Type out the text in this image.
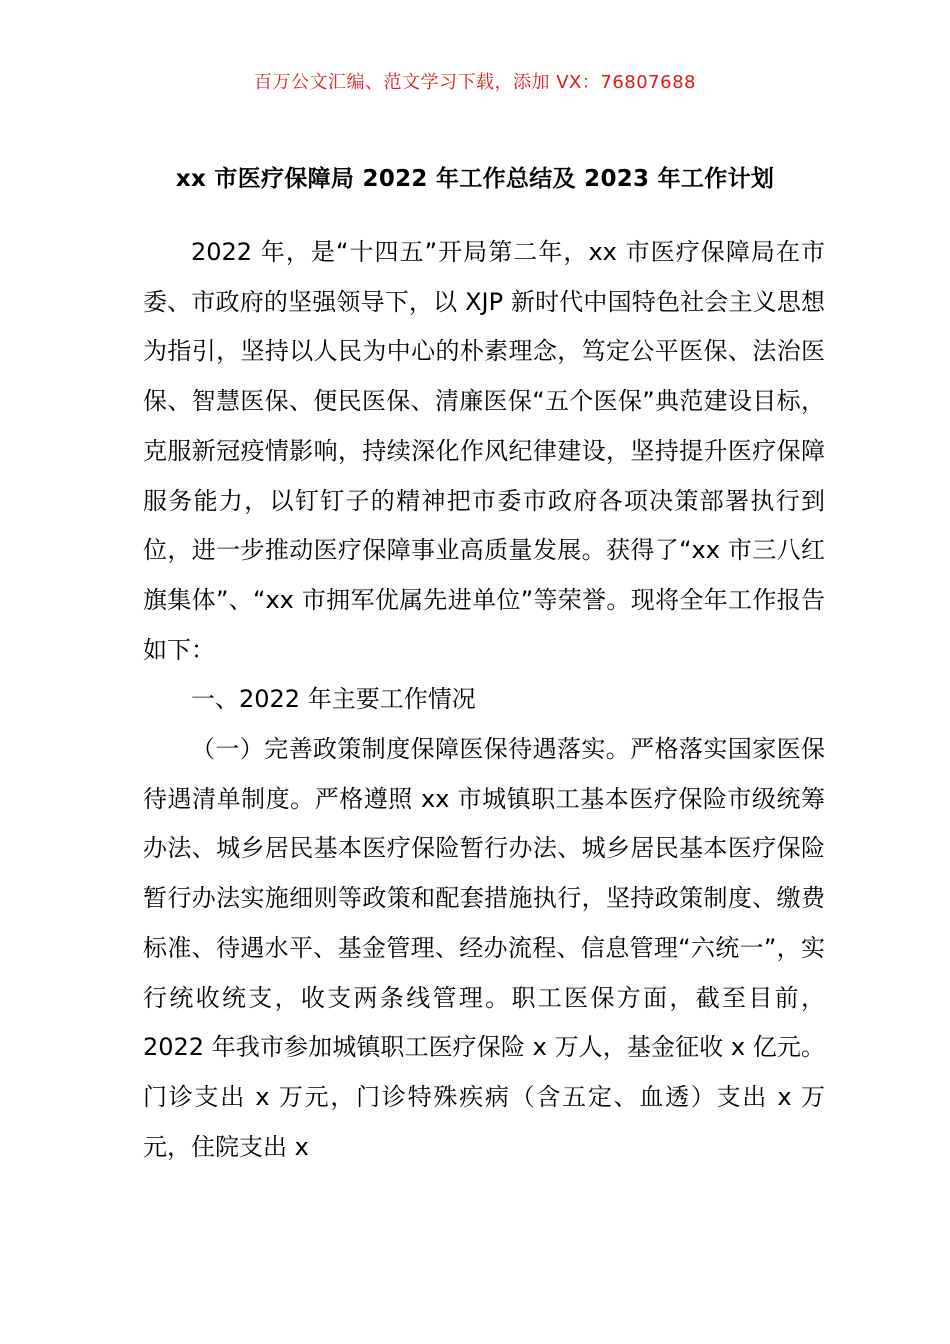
百万公文汇编、范文学习下载，添加 VX：76807688
xx 市医疗保障局 2022 年工作总结及 2023 年工作计划

2022 年，是“十四五”开局第二年，xx 市医疗保障局在市委、市政府的坚强领导下，以 XJP 新时代中国特色社会主义思想为指引，坚持以人民为中心的朴素理念，笃定公平医保、法治医保、智慧医保、便民医保、清廉医保“五个医保”典范建设目标，克服新冠疫情影响，持续深化作风纪律建设，坚持提升医疗保障服务能力，以钉钉子的精神把市委市政府各项决策部署执行到位，进一步推动医疗保障事业高质量发展。获得了“xx 市三八红旗集体”、“xx 市拥军优属先进单位”等荣誉。现将全年工作报告如下：

一、2022 年主要工作情况

（一）完善政策制度保障医保待遇落实。严格落实国家医保待遇清单制度。严格遵照 xx 市城镇职工基本医疗保险市级统筹办法、城乡居民基本医疗保险暂行办法、城乡居民基本医疗保险暂行办法实施细则等政策和配套措施执行，坚持政策制度、缴费标准、待遇水平、基金管理、经办流程、信息管理“六统一”，实行统收统支，收支两条线管理。职工医保方面，截至目前，2022 年我市参加城镇职工医疗保险 x 万人，基金征收 x 亿元。门诊支出 x 万元，门诊特殊疾病（含五定、血透）支出 x 万元，住院支出 x
